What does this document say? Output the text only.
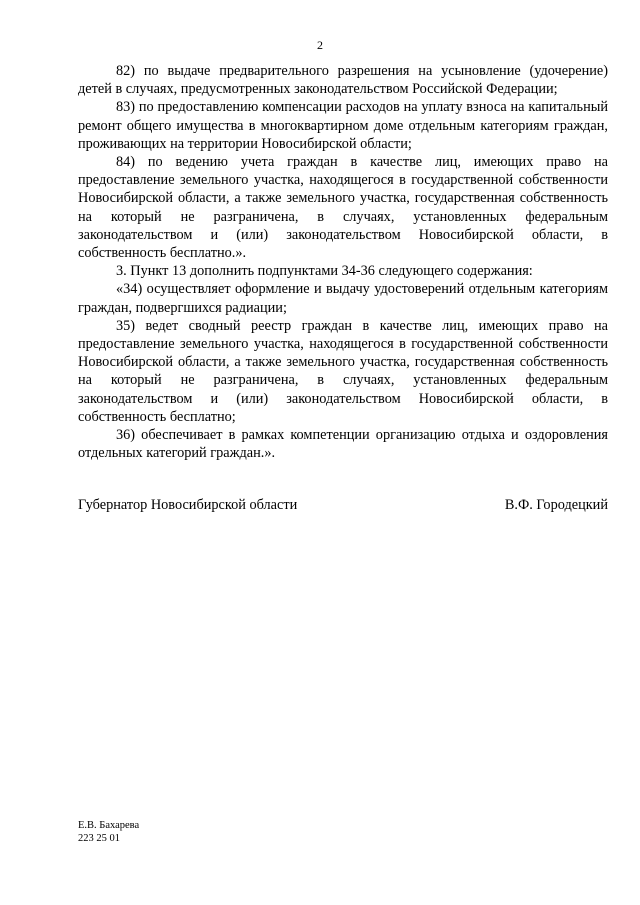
2

82) по выдаче предварительного разрешения на усыновление (удочерение) детей в случаях, предусмотренных законодательством Российской Федерации;

83) по предоставлению компенсации расходов на уплату взноса на капитальный ремонт общего имущества в многоквартирном доме отдельным категориям граждан, проживающих на территории Новосибирской области;

84) по ведению учета граждан в качестве лиц, имеющих право на предоставление земельного участка, находящегося в государственной собственности Новосибирской области, а также земельного участка, государственная собственность на который не разграничена, в случаях, установленных федеральным законодательством и (или) законодательством Новосибирской области, в собственность бесплатно.».

3. Пункт 13 дополнить подпунктами 34-36 следующего содержания:

«34) осуществляет оформление и выдачу удостоверений отдельным категориям граждан, подвергшихся радиации;

35) ведет сводный реестр граждан в качестве лиц, имеющих право на предоставление земельного участка, находящегося в государственной собственности Новосибирской области, а также земельного участка, государственная собственность на который не разграничена, в случаях, установленных федеральным законодательством и (или) законодательством Новосибирской области, в собственность бесплатно;

36) обеспечивает в рамках компетенции организацию отдыха и оздоровления отдельных категорий граждан.».

Губернатор Новосибирской области	В.Ф. Городецкий
Е.В. Бахарева
223 25 01
